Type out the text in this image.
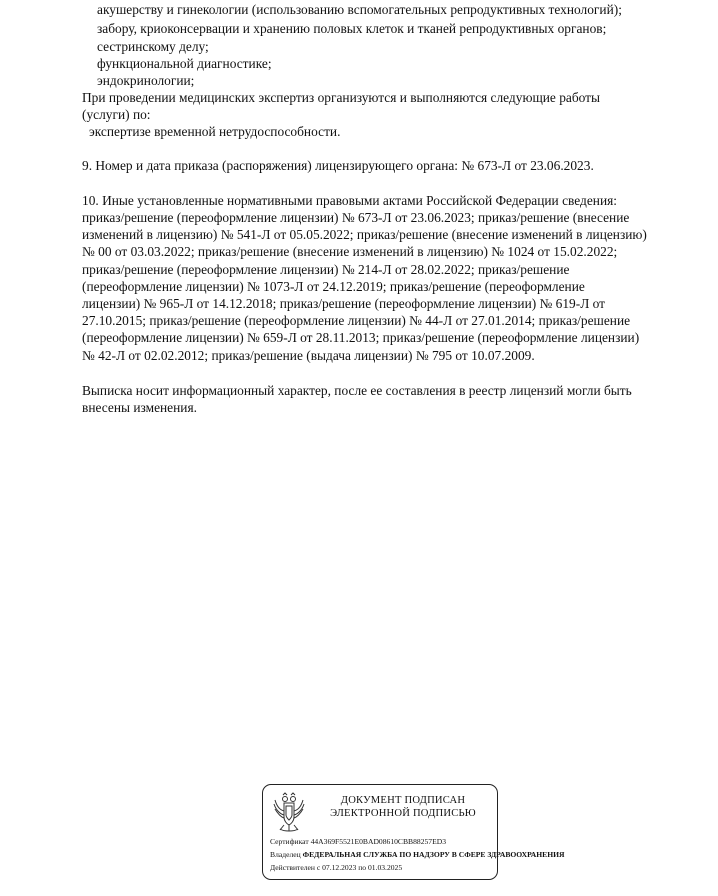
акушерству и гинекологии (использованию вспомогательных репродуктивных технологий);
забору, криоконсервации и хранению половых клеток и тканей репродуктивных органов;
сестринскому делу;
функциональной диагностике;
эндокринологии;
При проведении медицинских экспертиз организуются и выполняются следующие работы
(услуги) по:
экспертизе временной нетрудоспособности.
9. Номер и дата приказа (распоряжения) лицензирующего органа: № 673-Л от 23.06.2023.
10. Иные установленные нормативными правовыми актами Российской Федерации сведения:
приказ/решение (переоформление лицензии) № 673-Л от 23.06.2023; приказ/решение (внесение
изменений в лицензию) № 541-Л от 05.05.2022; приказ/решение (внесение изменений в лицензию)
№ 00 от 03.03.2022; приказ/решение (внесение изменений в лицензию) № 1024 от 15.02.2022;
приказ/решение (переоформление лицензии) № 214-Л от 28.02.2022; приказ/решение
(переоформление лицензии) № 1073-Л от 24.12.2019; приказ/решение (переоформление
лицензии) № 965-Л от 14.12.2018; приказ/решение (переоформление лицензии) № 619-Л от
27.10.2015; приказ/решение (переоформление лицензии) № 44-Л от 27.01.2014; приказ/решение
(переоформление лицензии) № 659-Л от 28.11.2013; приказ/решение (переоформление лицензии)
№ 42-Л от 02.02.2012; приказ/решение (выдача лицензии) № 795 от 10.07.2009.
Выписка носит информационный характер, после ее составления в реестр лицензий могли быть
внесены изменения.
ДОКУМЕНТ ПОДПИСАН
ЭЛЕКТРОННОЙ ПОДПИСЬЮ
Сертификат 44A369F5521E0BAD08610CBB88257ED3
Владелец ФЕДЕРАЛЬНАЯ СЛУЖБА ПО НАДЗОРУ В СФЕРЕ ЗДРАВООХРАНЕНИЯ
Действителен с 07.12.2023 по 01.03.2025
